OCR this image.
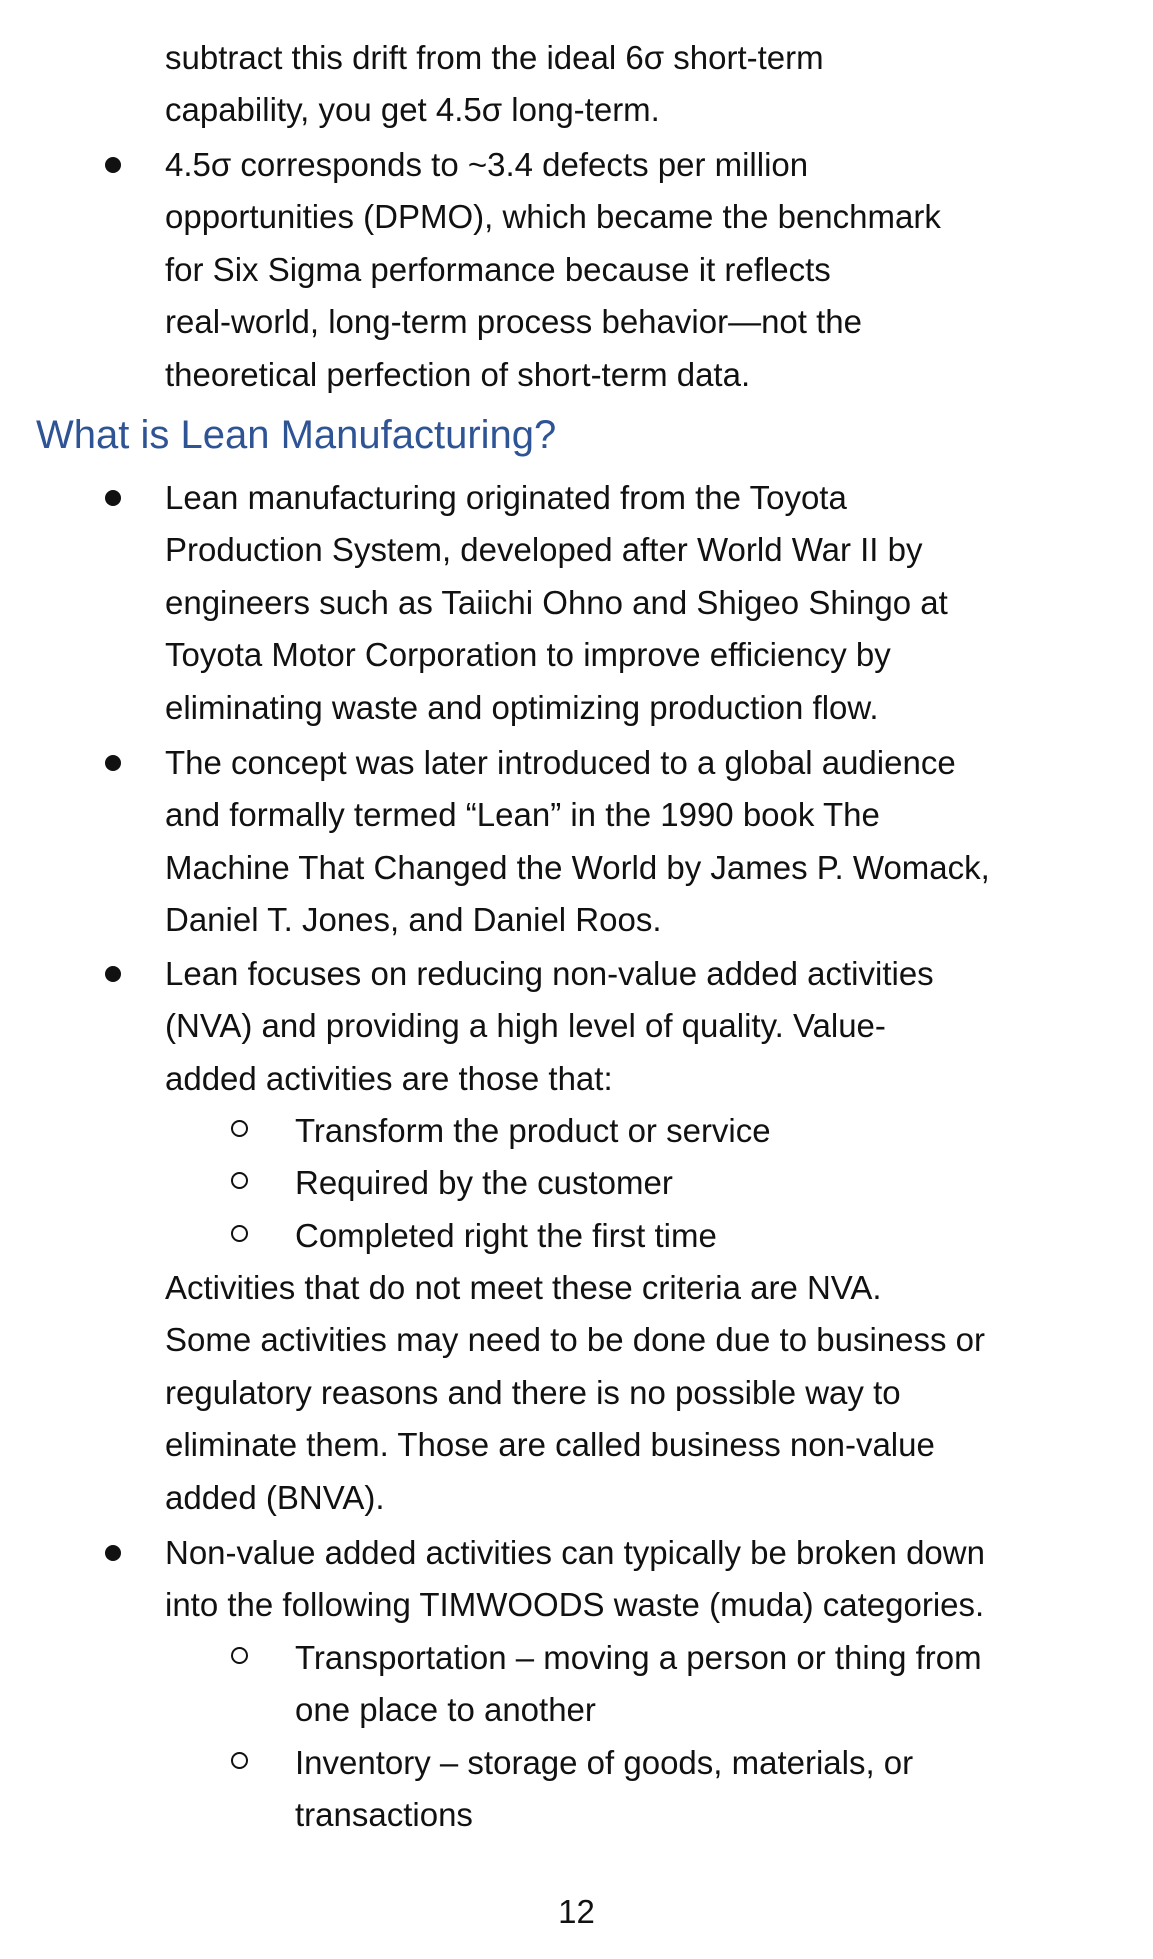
subtract this drift from the ideal 6σ short-term
capability, you get 4.5σ long-term.
4.5σ corresponds to ~3.4 defects per million
opportunities (DPMO), which became the benchmark
for Six Sigma performance because it reflects
real-world, long-term process behavior—not the
theoretical perfection of short-term data.
What is Lean Manufacturing?
Lean manufacturing originated from the Toyota
Production System, developed after World War II by
engineers such as Taiichi Ohno and Shigeo Shingo at
Toyota Motor Corporation to improve efficiency by
eliminating waste and optimizing production flow.
The concept was later introduced to a global audience
and formally termed “Lean” in the 1990 book The
Machine That Changed the World by James P. Womack,
Daniel T. Jones, and Daniel Roos.
Lean focuses on reducing non-value added activities
(NVA) and providing a high level of quality. Value-
added activities are those that:
Transform the product or service
Required by the customer
Completed right the first time
Activities that do not meet these criteria are NVA.
Some activities may need to be done due to business or
regulatory reasons and there is no possible way to
eliminate them. Those are called business non-value
added (BNVA).
Non-value added activities can typically be broken down
into the following TIMWOODS waste (muda) categories.
Transportation – moving a person or thing from
one place to another
Inventory – storage of goods, materials, or
transactions
12
